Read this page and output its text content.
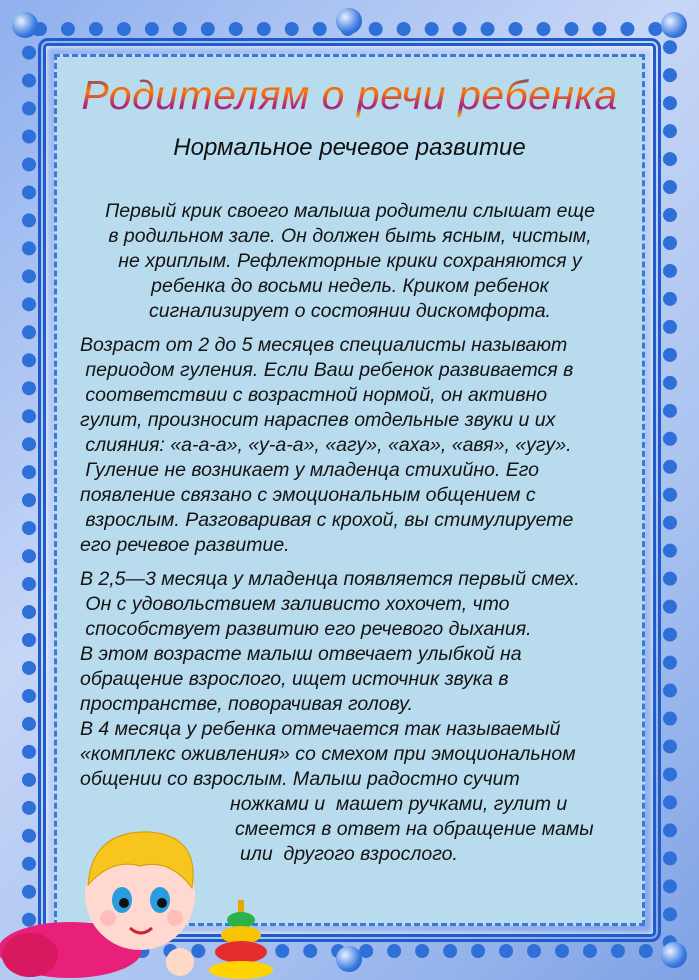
Родителям о речи ребенка
Нормальное речевое развитие
Первый крик своего малыша родители слышат еще
в родильном зале. Он должен быть ясным, чистым,
не хриплым. Рефлекторные крики сохраняются у
ребенка до восьми недель. Криком ребенок
сигнализирует о состоянии дискомфорта.
Возраст от 2 до 5 месяцев специалисты называют
периодом гуления. Если Ваш ребенок развивается в
соответствии с возрастной нормой, он активно
гулит, произносит нараспев отдельные звуки и их
слияния: «а-а-а», «у-а-а», «агу», «аха», «авя», «угу».
Гуление не возникает у младенца стихийно. Его
появление связано с эмоциональным общением с
взрослым. Разговаривая с крохой, вы стимулируете
его речевое развитие.
В 2,5—3 месяца у младенца появляется первый смех.
Он с удовольствием заливисто хохочет, что
способствует развитию его речевого дыхания.
В этом возрасте малыш отвечает улыбкой на
обращение взрослого, ищет источник звука в
пространстве, поворачивая голову.
В 4 месяца у ребенка отмечается так называемый
«комплекс оживления» со смехом при эмоциональном
общении со взрослым. Малыш радостно сучит
ножками и  машет ручками, гулит и
смеется в ответ на обращение мамы
или  другого взрослого.
